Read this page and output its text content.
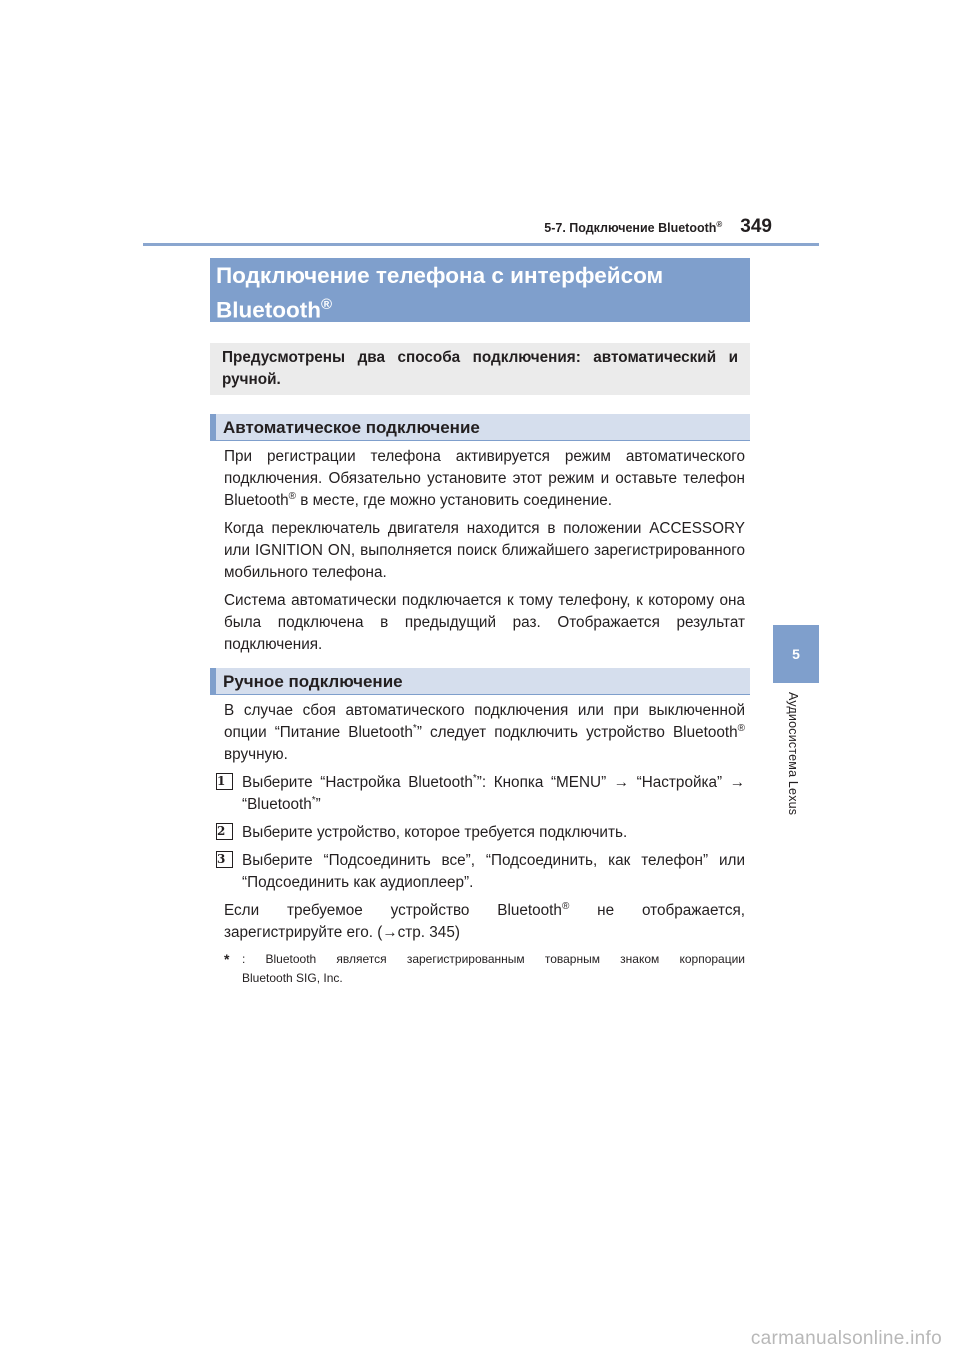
5-7. Подключение Bluetooth® 349
5
Аудиосистема Lexus
Подключение телефона с интерфейсом
Bluetooth®
Предусмотрены два способа подключения: автоматический и ручной.
Автоматическое подключение

При регистрации телефона активируется режим автоматического подключения. Обязательно установите этот режим и оставьте телефон Bluetooth® в месте, где можно установить соединение.

Когда переключатель двигателя находится в положении ACCESSORY или IGNITION ON, выполняется поиск ближайшего зарегистрированного мобильного телефона.

Система автоматически подключается к тому телефону, к которому она была подключена в предыдущий раз. Отображается результат подключения.

Ручное подключение

В случае сбоя автоматического подключения или при выключенной опции “Питание Bluetooth*” следует подключить устройство Bluetooth® вручную.

1	Выберите “Настройка Bluetooth*”: Кнопка “MENU” → “Настройка” → “Bluetooth*”
2	Выберите устройство, которое требуется подключить.
3	Выберите “Подсоединить все”, “Подсоединить, как телефон” или “Подсоединить как аудиоплеер”.

Если требуемое устройство Bluetooth® не отображается, зарегистрируйте его. (→стр. 345)

*	: Bluetooth является зарегистрированным товарным знаком корпорации
Bluetooth SIG, Inc.
carmanualsonline.info
